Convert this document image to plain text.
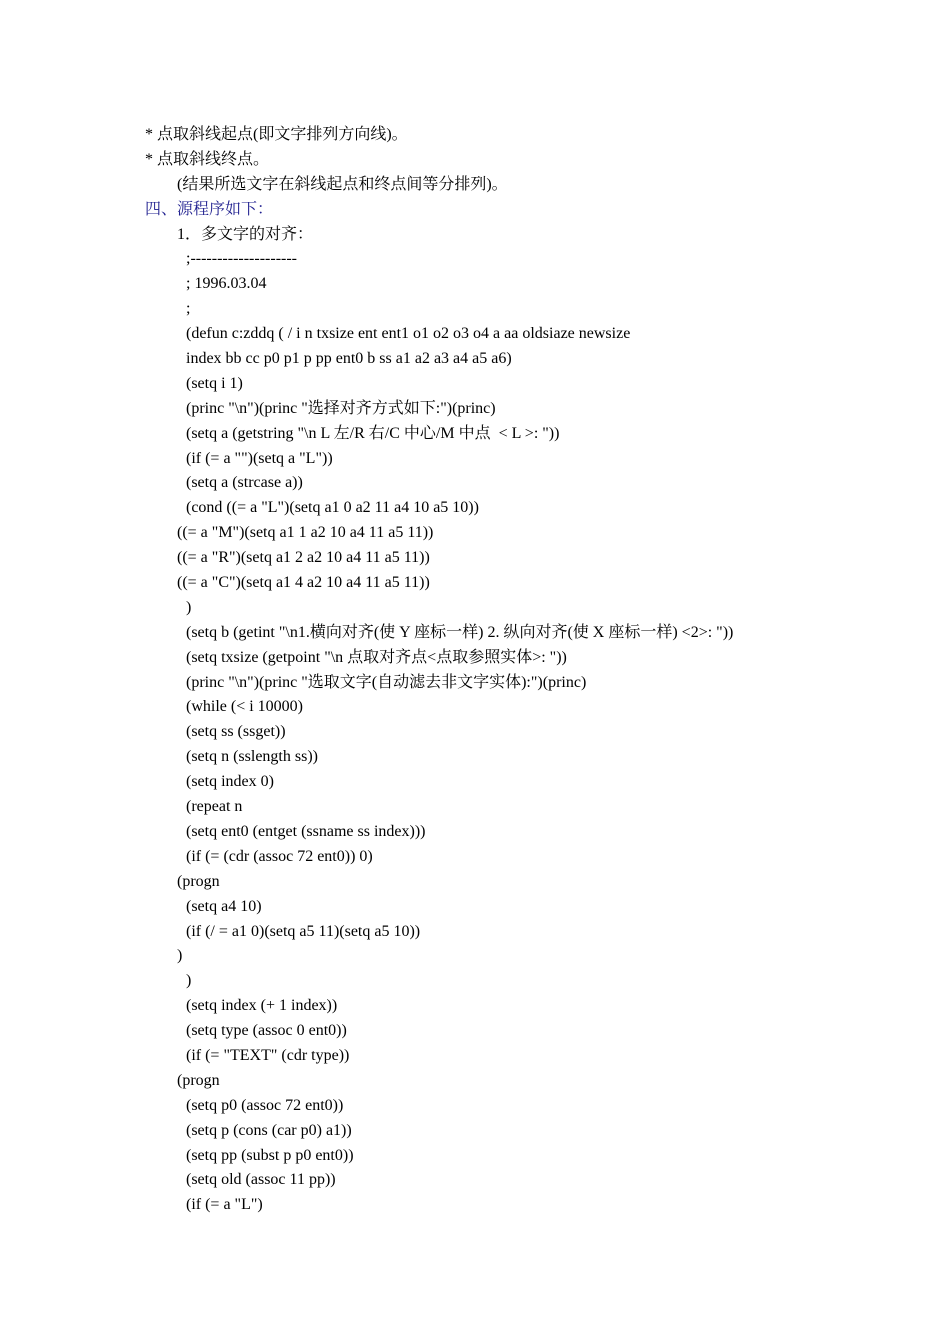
* 点取斜线起点(即文字排列方向线)。
* 点取斜线终点。
(结果所选文字在斜线起点和终点间等分排列)。
四、源程序如下：
1．多文字的对齐：
;--------------------
; 1996.03.04
;
(defun c:zddq ( / i n txsize ent ent1 o1 o2 o3 o4 a aa oldsiaze newsize
index bb cc p0 p1 p pp ent0 b ss a1 a2 a3 a4 a5 a6)
(setq i 1)
(princ "\n")(princ "选择对齐方式如下:")(princ)
(setq a (getstring "\n L 左/R 右/C 中心/M 中点  < L >: "))
(if (= a "")(setq a "L"))
(setq a (strcase a))
(cond ((= a "L")(setq a1 0 a2 11 a4 10 a5 10))
((= a "M")(setq a1 1 a2 10 a4 11 a5 11))
((= a "R")(setq a1 2 a2 10 a4 11 a5 11))
((= a "C")(setq a1 4 a2 10 a4 11 a5 11))
)
(setq b (getint "\n1.横向对齐(使 Y 座标一样) 2. 纵向对齐(使 X 座标一样) <2>: "))
(setq txsize (getpoint "\n 点取对齐点<点取参照实体>: "))
(princ "\n")(princ "选取文字(自动滤去非文字实体):")(princ)
(while (< i 10000)
(setq ss (ssget))
(setq n (sslength ss))
(setq index 0)
(repeat n
(setq ent0 (entget (ssname ss index)))
(if (= (cdr (assoc 72 ent0)) 0)
(progn
(setq a4 10)
(if (/ = a1 0)(setq a5 11)(setq a5 10))
)
)
(setq index (+ 1 index))
(setq type (assoc 0 ent0))
(if (= "TEXT" (cdr type))
(progn
(setq p0 (assoc 72 ent0))
(setq p (cons (car p0) a1))
(setq pp (subst p p0 ent0))
(setq old (assoc 11 pp))
(if (= a "L")
